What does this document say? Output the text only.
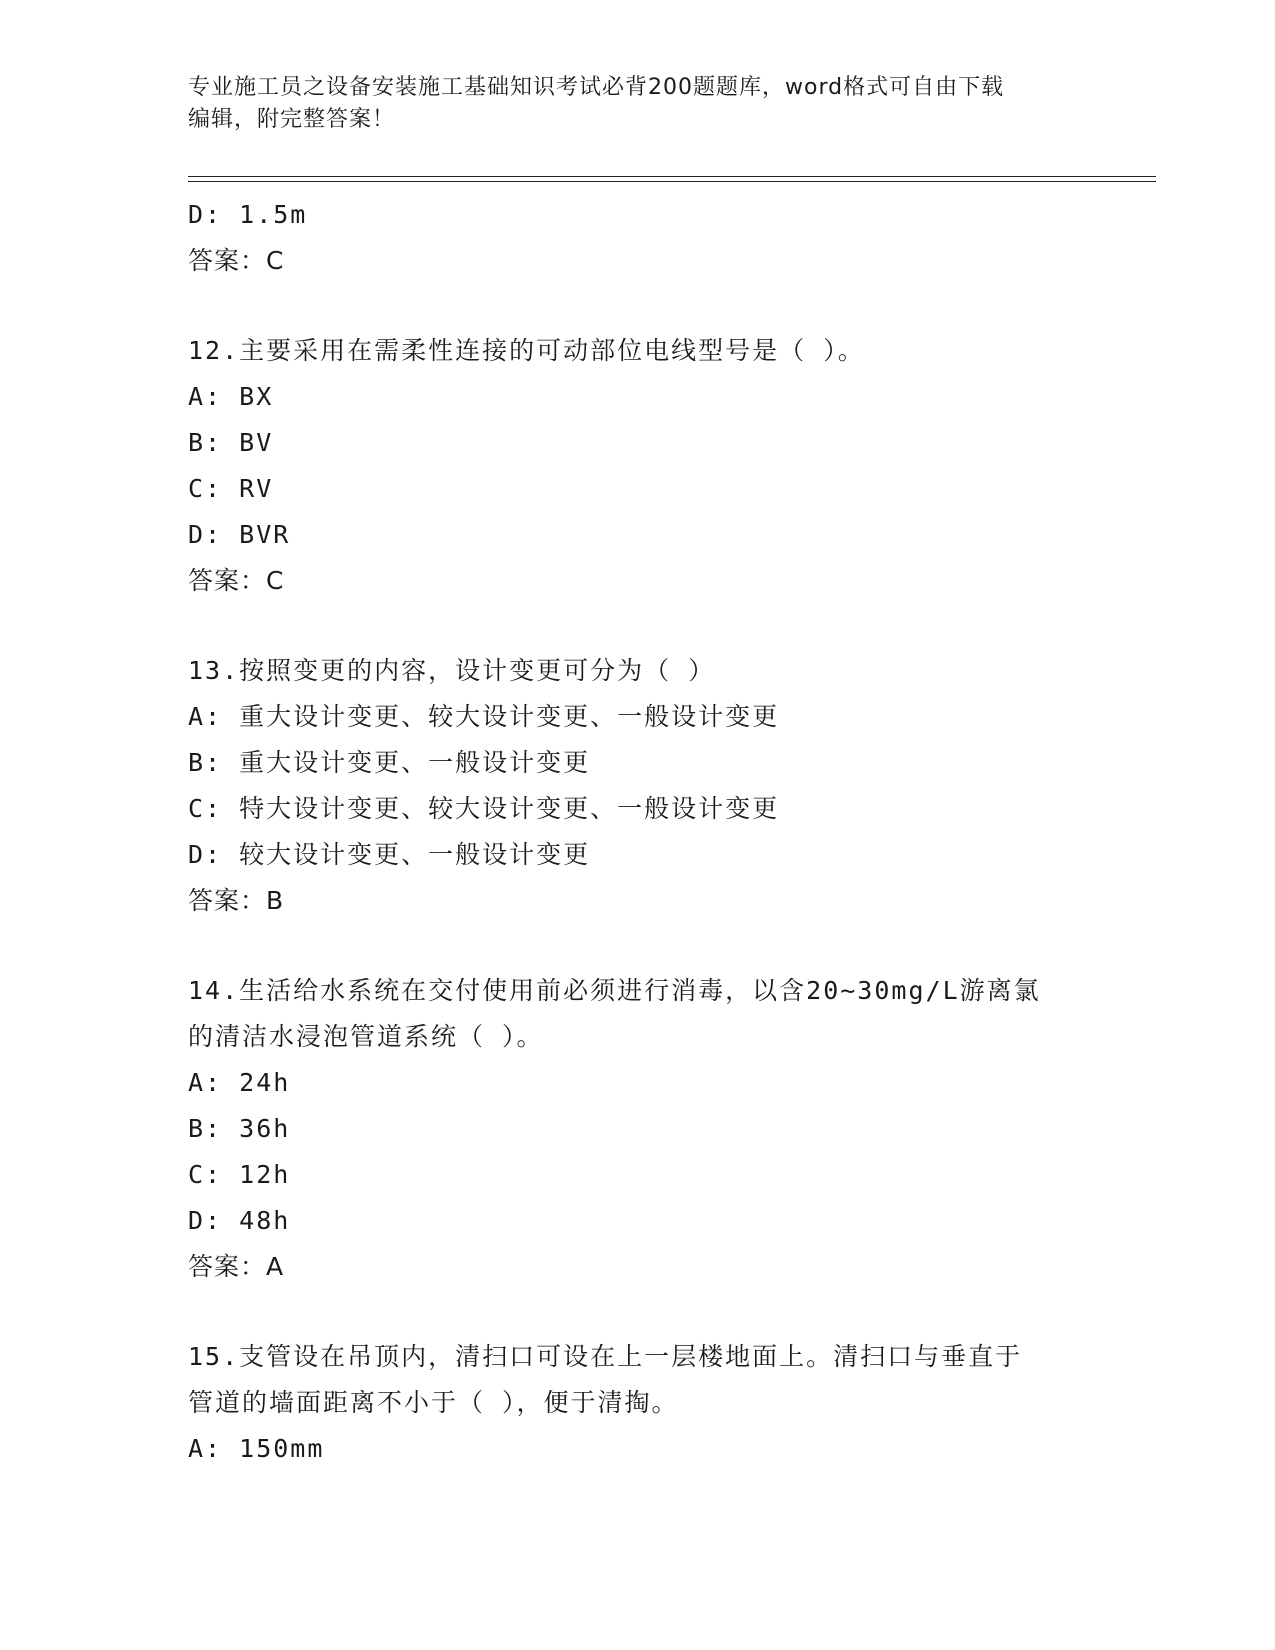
专业施工员之设备安装施工基础知识考试必背200题题库，word格式可自由下载
编辑，附完整答案！
D: 1.5m
答案：C
12.主要采用在需柔性连接的可动部位电线型号是（ ）。
A: BX
B: BV
C: RV
D: BVR
答案：C
13.按照变更的内容，设计变更可分为（ ）
A: 重大设计变更、较大设计变更、一般设计变更
B: 重大设计变更、一般设计变更
C: 特大设计变更、较大设计变更、一般设计变更
D: 较大设计变更、一般设计变更
答案：B
14.生活给水系统在交付使用前必须进行消毒，以含20~30mg/L游离氯
的清洁水浸泡管道系统（ ）。
A: 24h
B: 36h
C: 12h
D: 48h
答案：A
15.支管设在吊顶内，清扫口可设在上一层楼地面上。清扫口与垂直于
管道的墙面距离不小于（ ），便于清掏。
A: 150mm
